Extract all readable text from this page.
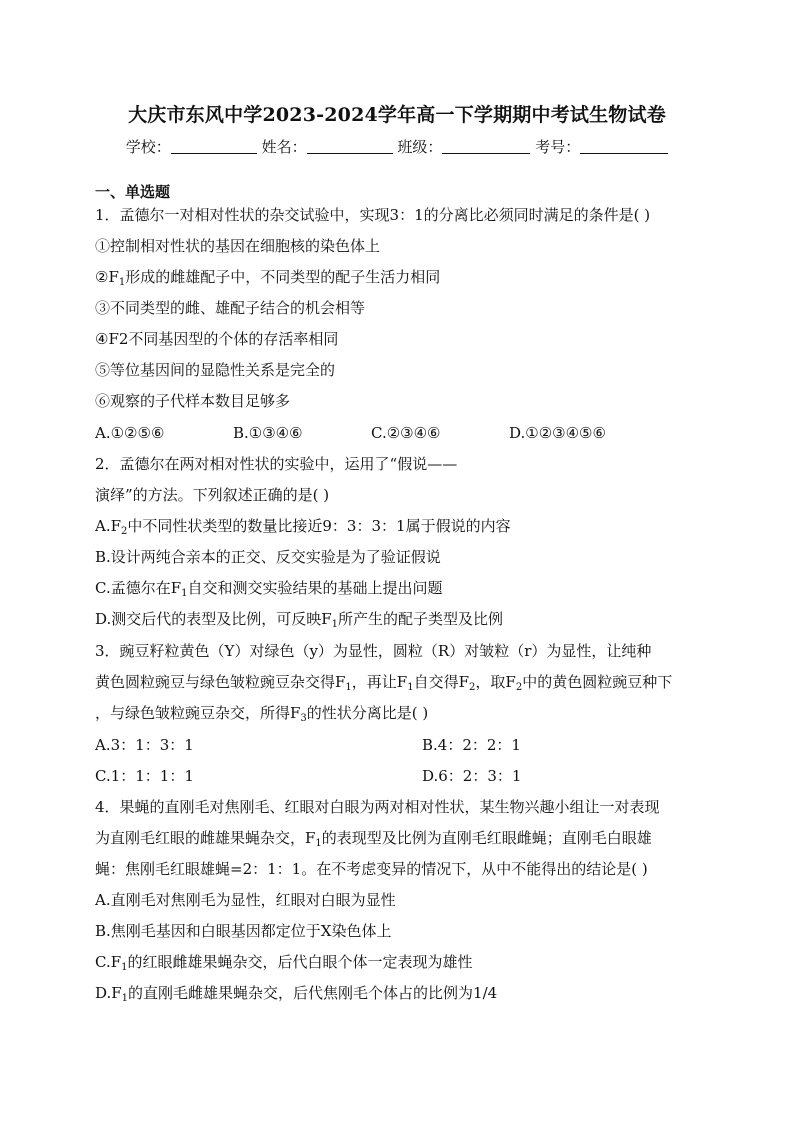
大庆市东风中学2023-2024学年高一下学期期中考试生物试卷
学校：	姓名：	班级：	考号：
一、单选题
1．孟德尔一对相对性状的杂交试验中，实现3：1的分离比必须同时满足的条件是( )
①控制相对性状的基因在细胞核的染色体上
$②F_1$形成的雌雄配子中，不同类型的配子生活力相同
③不同类型的雌、雄配子结合的机会相等
④F2不同基因型的个体的存活率相同
⑤等位基因间的显隐性关系是完全的
⑥观察的子代样本数目足够多
A.①②⑤⑥	B.①③④⑥	C.②③④⑥	D.①②③④⑤⑥
2．孟德尔在两对相对性状的实验中，运用了“假说——
演绎”的方法。下列叙述正确的是( )
$A.F_2$中不同性状类型的数量比接近9：3：3：1属于假说的内容
B.设计两纯合亲本的正交、反交实验是为了验证假说
C.孟德尔在$F_1$自交和测交实验结果的基础上提出问题
D.测交后代的表型及比例，可反映$F_1$所产生的配子类型及比例
3．豌豆籽粒黄色（Y）对绿色（y）为显性，圆粒（R）对皱粒（r）为显性，让纯种
黄色圆粒豌豆与绿色皱粒豌豆杂交得$F_1$，再让$F_1$自交得$F_2$，取$F_2$中的黄色圆粒豌豆种下
，与绿色皱粒豌豆杂交，所得$F_3$的性状分离比是( )
A.3：1：3：1	B.4：2：2：1
C.1：1：1：1	D.6：2：3：1
4．果蝇的直刚毛对焦刚毛、红眼对白眼为两对相对性状，某生物兴趣小组让一对表现
为直刚毛红眼的雌雄果蝇杂交，$F_1$的表现型及比例为直刚毛红眼雌蝇；直刚毛白眼雄
蝇：焦刚毛红眼雄蝇=2：1：1。在不考虑变异的情况下，从中不能得出的结论是( )
A.直刚毛对焦刚毛为显性，红眼对白眼为显性
B.焦刚毛基因和白眼基因都定位于X染色体上
$C.F_1$的红眼雌雄果蝇杂交，后代白眼个体一定表现为雄性
$D.F_1$的直刚毛雌雄果蝇杂交，后代焦刚毛个体占的比例为1/4
